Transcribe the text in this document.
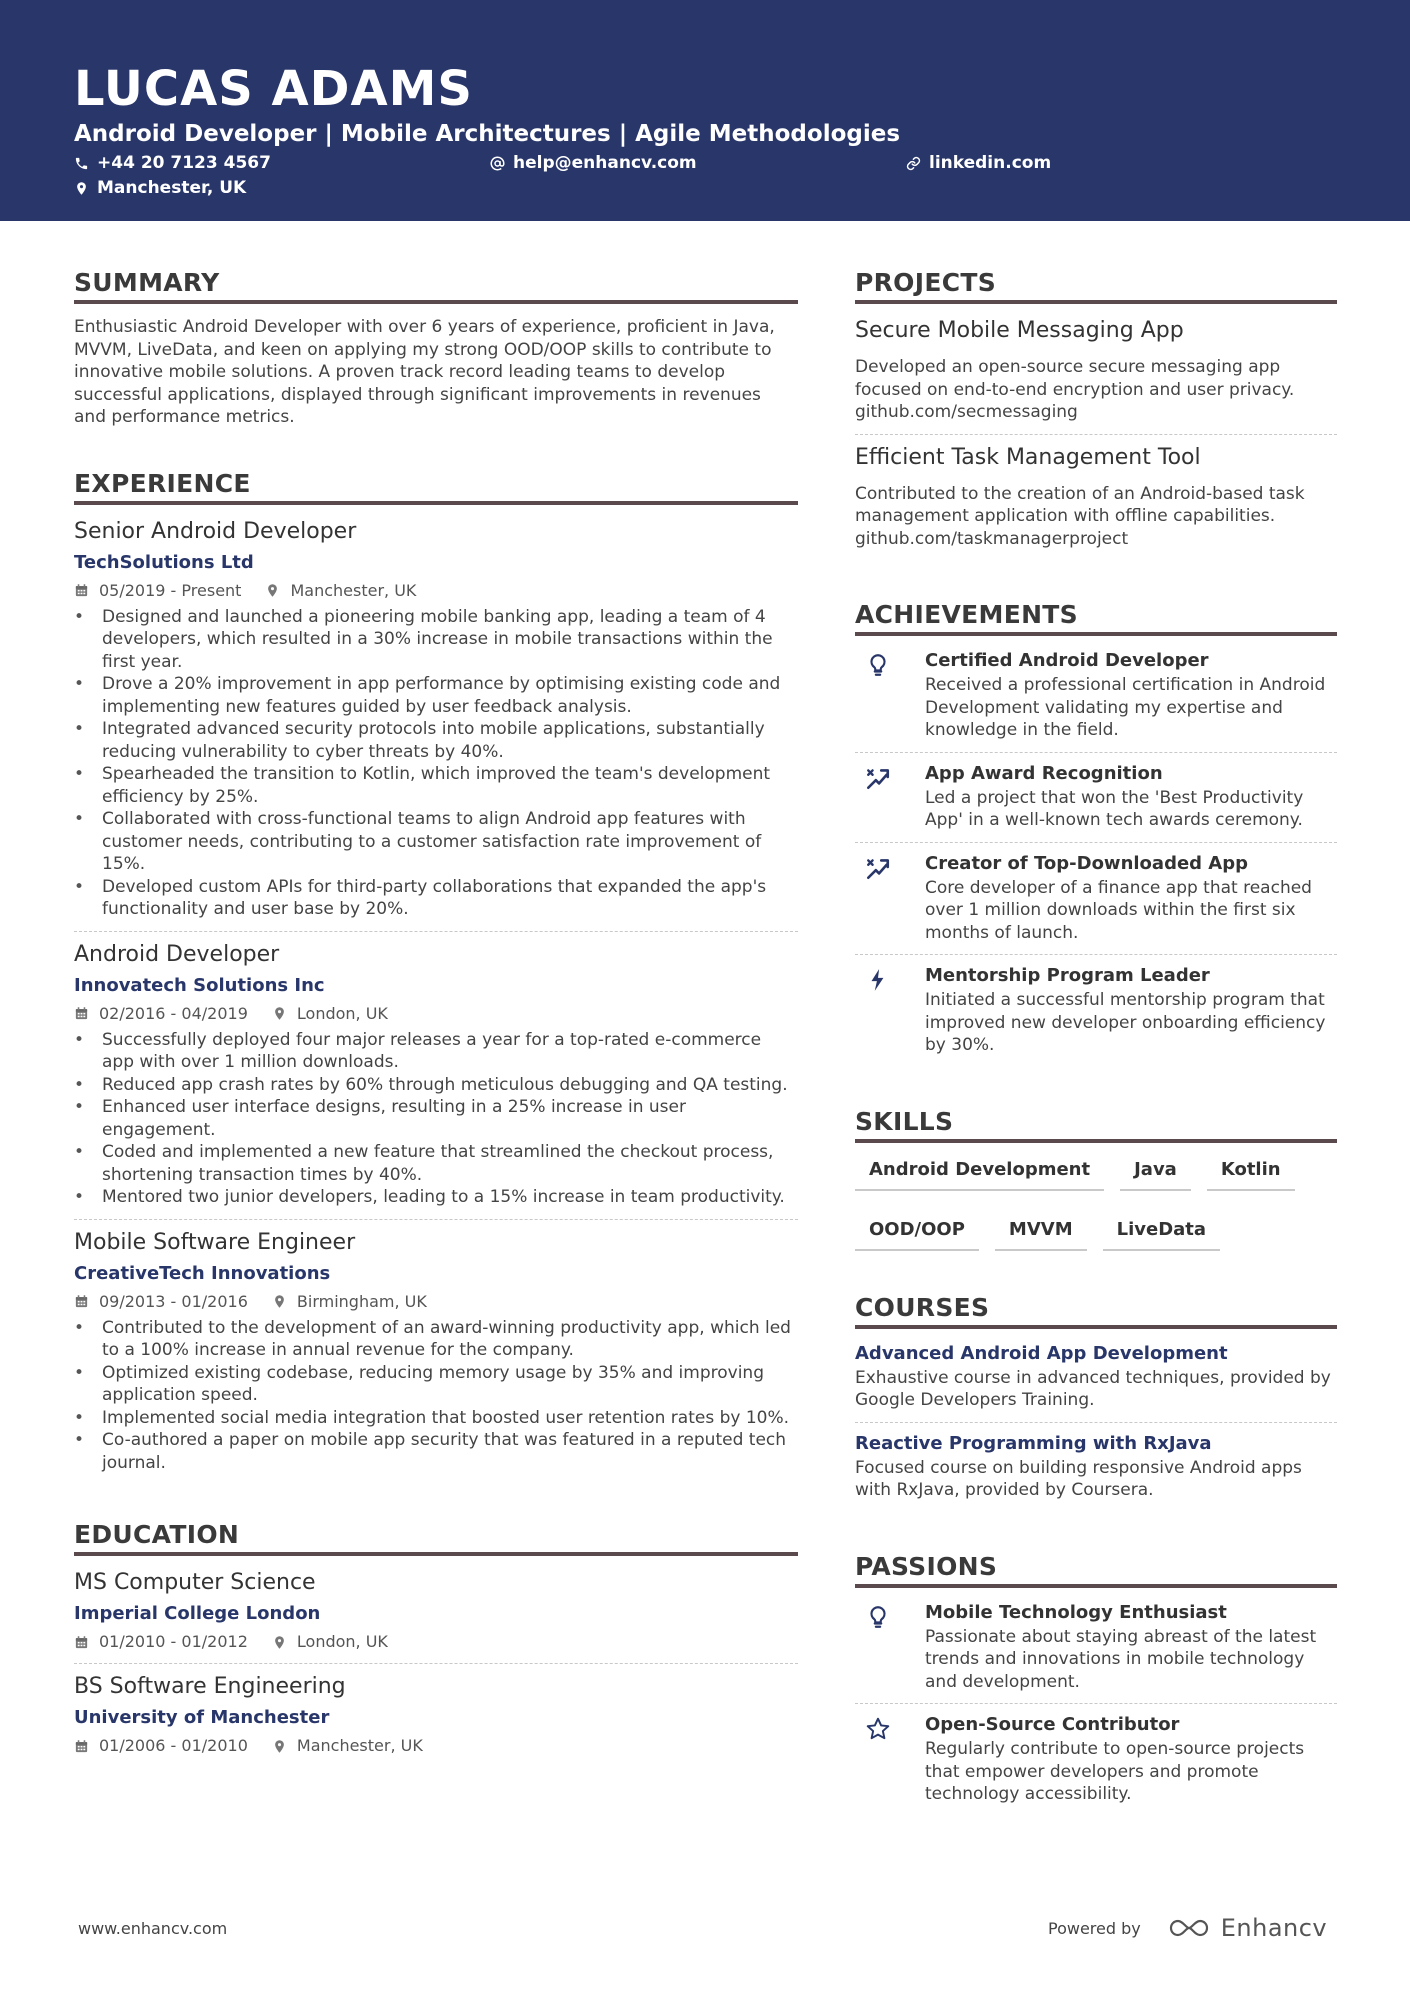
LUCAS ADAMS
Android Developer | Mobile Architectures | Agile Methodologies
+44 20 7123 4567	help@enhancv.com	linkedin.com
Manchester, UK
SUMMARY

Enthusiastic Android Developer with over 6 years of experience, proficient in Java, MVVM, LiveData, and keen on applying my strong OOD/OOP skills to contribute to innovative mobile solutions. A proven track record leading teams to develop successful applications, displayed through significant improvements in revenues and performance metrics.

EXPERIENCE
Senior Android Developer
TechSolutions Ltd
05/2019 - Present	Manchester, UK
• Designed and launched a pioneering mobile banking app, leading a team of 4 developers, which resulted in a 30% increase in mobile transactions within the first year.
• Drove a 20% improvement in app performance by optimising existing code and implementing new features guided by user feedback analysis.
• Integrated advanced security protocols into mobile applications, substantially reducing vulnerability to cyber threats by 40%.
• Spearheaded the transition to Kotlin, which improved the team's development efficiency by 25%.
• Collaborated with cross-functional teams to align Android app features with customer needs, contributing to a customer satisfaction rate improvement of 15%.
• Developed custom APIs for third-party collaborations that expanded the app's functionality and user base by 20%.
Android Developer
Innovatech Solutions Inc
02/2016 - 04/2019	London, UK
• Successfully deployed four major releases a year for a top-rated e-commerce app with over 1 million downloads.
• Reduced app crash rates by 60% through meticulous debugging and QA testing.
• Enhanced user interface designs, resulting in a 25% increase in user engagement.
• Coded and implemented a new feature that streamlined the checkout process, shortening transaction times by 40%.
• Mentored two junior developers, leading to a 15% increase in team productivity.
Mobile Software Engineer
CreativeTech Innovations
09/2013 - 01/2016	Birmingham, UK
• Contributed to the development of an award-winning productivity app, which led to a 100% increase in annual revenue for the company.
• Optimized existing codebase, reducing memory usage by 35% and improving application speed.
• Implemented social media integration that boosted user retention rates by 10%.
• Co-authored a paper on mobile app security that was featured in a reputed tech journal.
EDUCATION
MS Computer Science
Imperial College London
01/2010 - 01/2012	London, UK
BS Software Engineering
University of Manchester
01/2006 - 01/2010	Manchester, UK
PROJECTS
Secure Mobile Messaging App

Developed an open-source secure messaging app focused on end-to-end encryption and user privacy.

github.com/secmessaging
Efficient Task Management Tool

Contributed to the creation of an Android-based task management application with offline capabilities.

github.com/taskmanagerproject
ACHIEVEMENTS
Certified Android Developer

Received a professional certification in Android Development validating my expertise and knowledge in the field.

App Award Recognition

Led a project that won the 'Best Productivity App' in a well-known tech awards ceremony.

Creator of Top-Downloaded App

Core developer of a finance app that reached over 1 million downloads within the first six months of launch.

Mentorship Program Leader

Initiated a successful mentorship program that improved new developer onboarding efficiency by 30%.

SKILLS
Android Development	Java	Kotlin
OOD/OOP	MVVM	LiveData
COURSES
Advanced Android App Development

Exhaustive course in advanced techniques, provided by Google Developers Training.

Reactive Programming with RxJava

Focused course on building responsive Android apps with RxJava, provided by Coursera.

PASSIONS
Mobile Technology Enthusiast

Passionate about staying abreast of the latest trends and innovations in mobile technology and development.

Open-Source Contributor

Regularly contribute to open-source projects that empower developers and promote technology accessibility.

www.enhancv.com	Powered by	Enhancv
